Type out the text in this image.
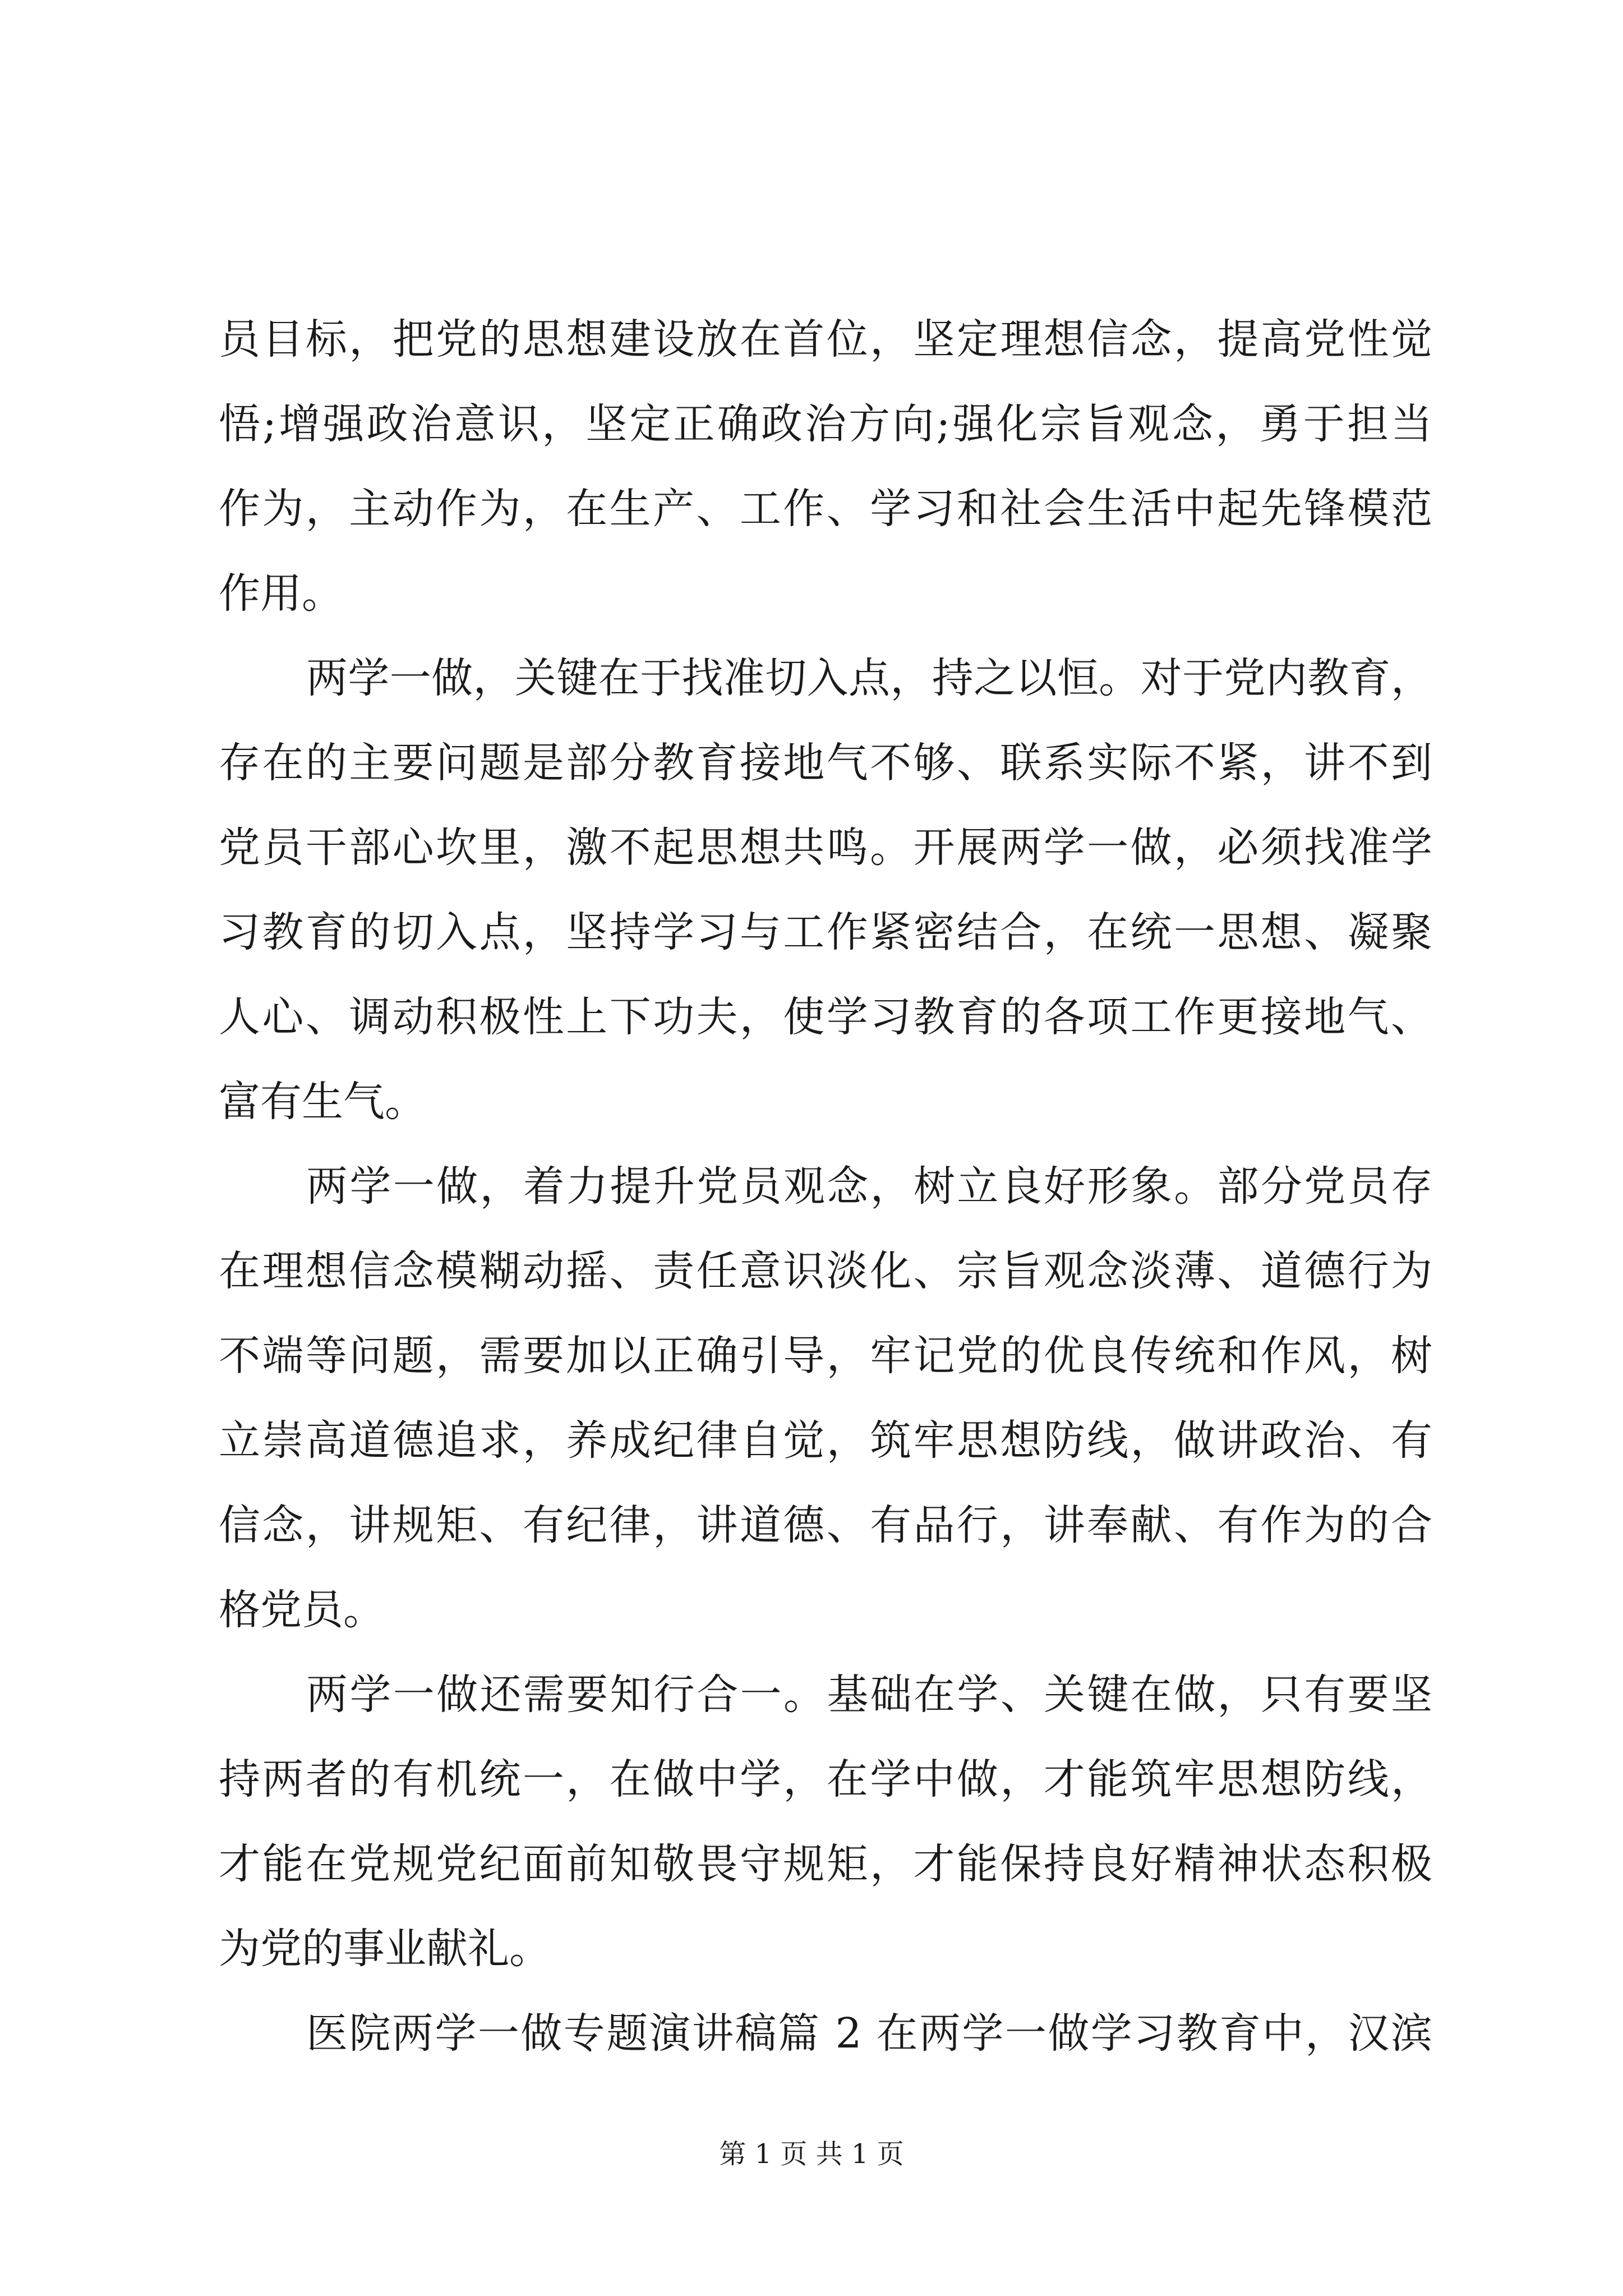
员目标，把党的思想建设放在首位，坚定理想信念，提高党性觉
悟;增强政治意识，坚定正确政治方向;强化宗旨观念，勇于担当
作为，主动作为，在生产、工作、学习和社会生活中起先锋模范
作用。
两学一做，关键在于找准切入点，持之以恒。对于党内教育，
存在的主要问题是部分教育接地气不够、联系实际不紧，讲不到
党员干部心坎里，激不起思想共鸣。开展两学一做，必须找准学
习教育的切入点，坚持学习与工作紧密结合，在统一思想、凝聚
人心、调动积极性上下功夫，使学习教育的各项工作更接地气、
富有生气。
两学一做，着力提升党员观念，树立良好形象。部分党员存
在理想信念模糊动摇、责任意识淡化、宗旨观念淡薄、道德行为
不端等问题，需要加以正确引导，牢记党的优良传统和作风，树
立崇高道德追求，养成纪律自觉，筑牢思想防线，做讲政治、有
信念，讲规矩、有纪律，讲道德、有品行，讲奉献、有作为的合
格党员。
两学一做还需要知行合一。基础在学、关键在做，只有要坚
持两者的有机统一，在做中学，在学中做，才能筑牢思想防线，
才能在党规党纪面前知敬畏守规矩，才能保持良好精神状态积极
为党的事业献礼。
医院两学一做专题演讲稿篇 2 在两学一做学习教育中，汉滨
第 1 页 共 1 页
